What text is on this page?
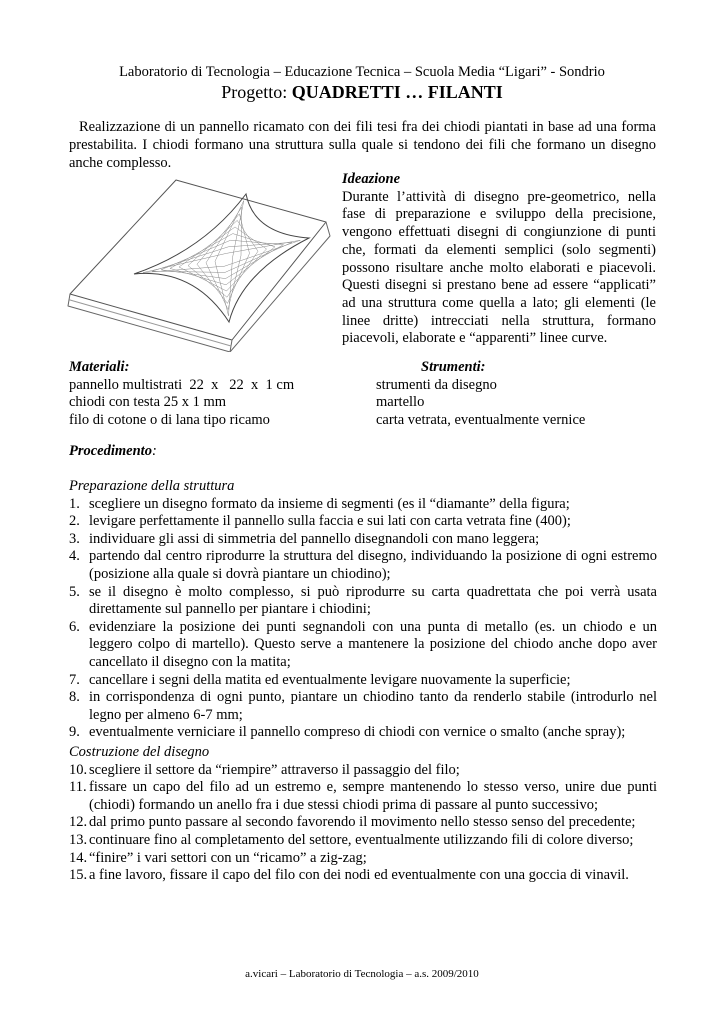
Laboratorio di Tecnologia – Educazione Tecnica – Scuola Media “Ligari” - Sondrio
Progetto: QUADRETTI … FILANTI
Realizzazione di un pannello ricamato con dei fili tesi fra dei chiodi piantati in base ad una forma prestabilita. I chiodi formano una struttura sulla quale si tendono dei fili che formano un disegno anche complesso.
Ideazione
Durante l’attività di disegno pre-geometrico, nella fase di preparazione e sviluppo della precisione, vengono effettuati disegni di congiunzione di punti che, formati da elementi semplici (solo segmenti) possono risultare anche molto elaborati e piacevoli. Questi disegni si prestano bene ad essere “applicati” ad una struttura come quella a lato; gli elementi (le linee dritte) intrecciati nella struttura, formano piacevoli, elaborate e “apparenti” linee curve.
Materiali:
pannello multistrati  22  x   22  x  1 cm
chiodi con testa 25 x 1 mm
filo di cotone o di lana tipo ricamo
Strumenti:
strumenti da disegno
martello
carta vetrata, eventualmente vernice
Procedimento:
Preparazione della struttura
1. scegliere un disegno formato da insieme di segmenti (es il “diamante” della figura;
2. levigare perfettamente il pannello sulla faccia e sui lati con carta vetrata fine (400);
3. individuare gli assi di simmetria del pannello disegnandoli con mano leggera;
4. partendo dal centro riprodurre la struttura del disegno, individuando la posizione di ogni estremo (posizione alla quale si dovrà piantare un chiodino);
5. se il disegno è molto complesso, si può riprodurre su carta quadrettata che poi verrà usata direttamente sul pannello per piantare i chiodini;
6. evidenziare la posizione dei punti segnandoli con una punta di metallo (es. un chiodo e un leggero colpo di martello). Questo serve a mantenere la posizione del chiodo anche dopo aver cancellato il disegno con la matita;
7. cancellare i segni della matita ed eventualmente levigare nuovamente la superficie;
8. in corrispondenza di ogni punto, piantare un chiodino tanto da renderlo stabile (introdurlo nel legno per almeno 6-7 mm;
9. eventualmente verniciare il pannello compreso di chiodi con vernice o smalto (anche spray);
Costruzione del disegno
10. scegliere il settore da “riempire” attraverso il passaggio del filo;
11. fissare un capo del filo ad un estremo e, sempre mantenendo lo stesso verso, unire due punti (chiodi) formando un anello fra i due stessi chiodi prima di passare al punto successivo;
12. dal primo punto passare al secondo favorendo il movimento nello stesso senso del precedente;
13. continuare fino al completamento del settore, eventualmente utilizzando fili di colore diverso;
14. “finire” i vari settori con un “ricamo” a zig-zag;
15. a fine lavoro, fissare il capo del filo con dei nodi ed eventualmente con una goccia di vinavil.
a.vicari – Laboratorio di Tecnologia – a.s. 2009/2010
